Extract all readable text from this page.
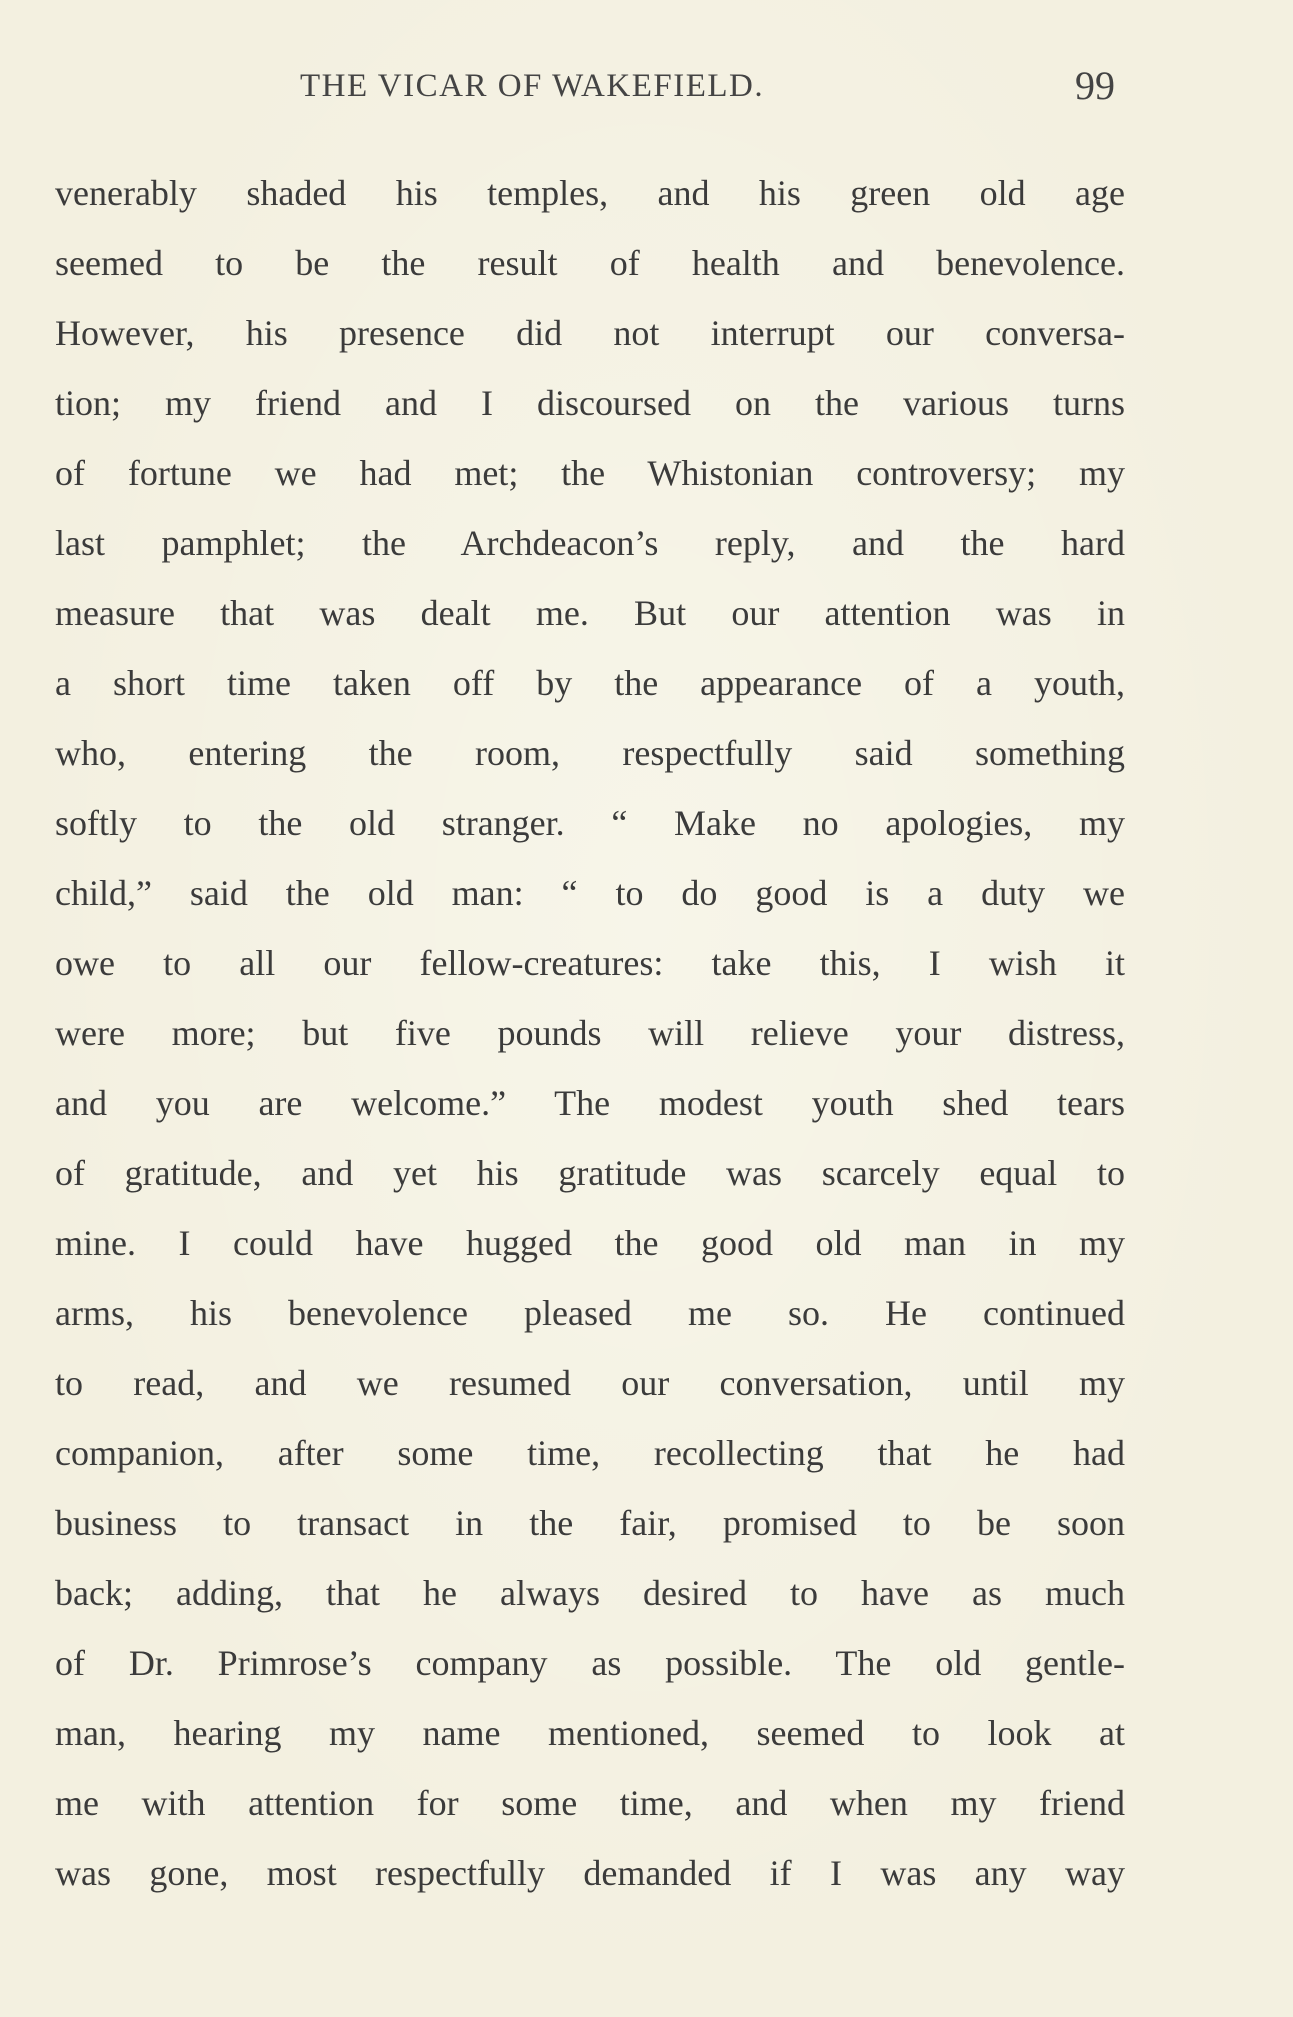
THE VICAR OF WAKEFIELD.	99
venerably shaded his temples, and his green old age
seemed to be the result of health and benevolence.
However, his presence did not interrupt our conversa-
tion; my friend and I discoursed on the various turns
of fortune we had met; the Whistonian controversy; my
last pamphlet; the Archdeacon’s reply, and the hard
measure that was dealt me. But our attention was in
a short time taken off by the appearance of a youth,
who, entering the room, respectfully said something
softly to the old stranger. “ Make no apologies, my
child,” said the old man: “ to do good is a duty we
owe to all our fellow-creatures: take this, I wish it
were more; but five pounds will relieve your distress,
and you are welcome.” The modest youth shed tears
of gratitude, and yet his gratitude was scarcely equal to
mine. I could have hugged the good old man in my
arms, his benevolence pleased me so. He continued
to read, and we resumed our conversation, until my
companion, after some time, recollecting that he had
business to transact in the fair, promised to be soon
back; adding, that he always desired to have as much
of Dr. Primrose’s company as possible. The old gentle-
man, hearing my name mentioned, seemed to look at
me with attention for some time, and when my friend
was gone, most respectfully demanded if I was any way
